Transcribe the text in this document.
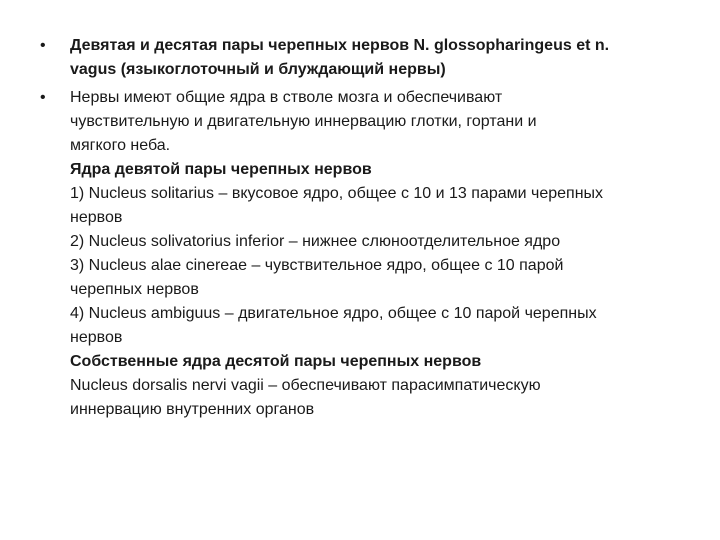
• Девятая и десятая пары черепных нервов N. glossopharingeus et n.
vagus (языкоглоточный и блуждающий нервы)
• Нервы имеют общие ядра в стволе мозга и обеспечивают
чувствительную и двигательную иннервацию глотки, гортани и
мягкого неба.
Ядра девятой пары черепных нервов
1) Nucleus solitarius – вкусовое ядро, общее с 10 и 13 парами черепных
нервов
2) Nucleus solivatorius inferior – нижнее слюноотделительное ядро
3) Nucleus alae cinereae – чувствительное ядро, общее с 10 парой
черепных нервов
4) Nucleus ambiguus – двигательное ядро, общее с 10 парой черепных
нервов
Собственные ядра десятой пары черепных нервов
Nucleus dorsalis nervi vagii – обеспечивают парасимпатическую
иннервацию внутренних органов
